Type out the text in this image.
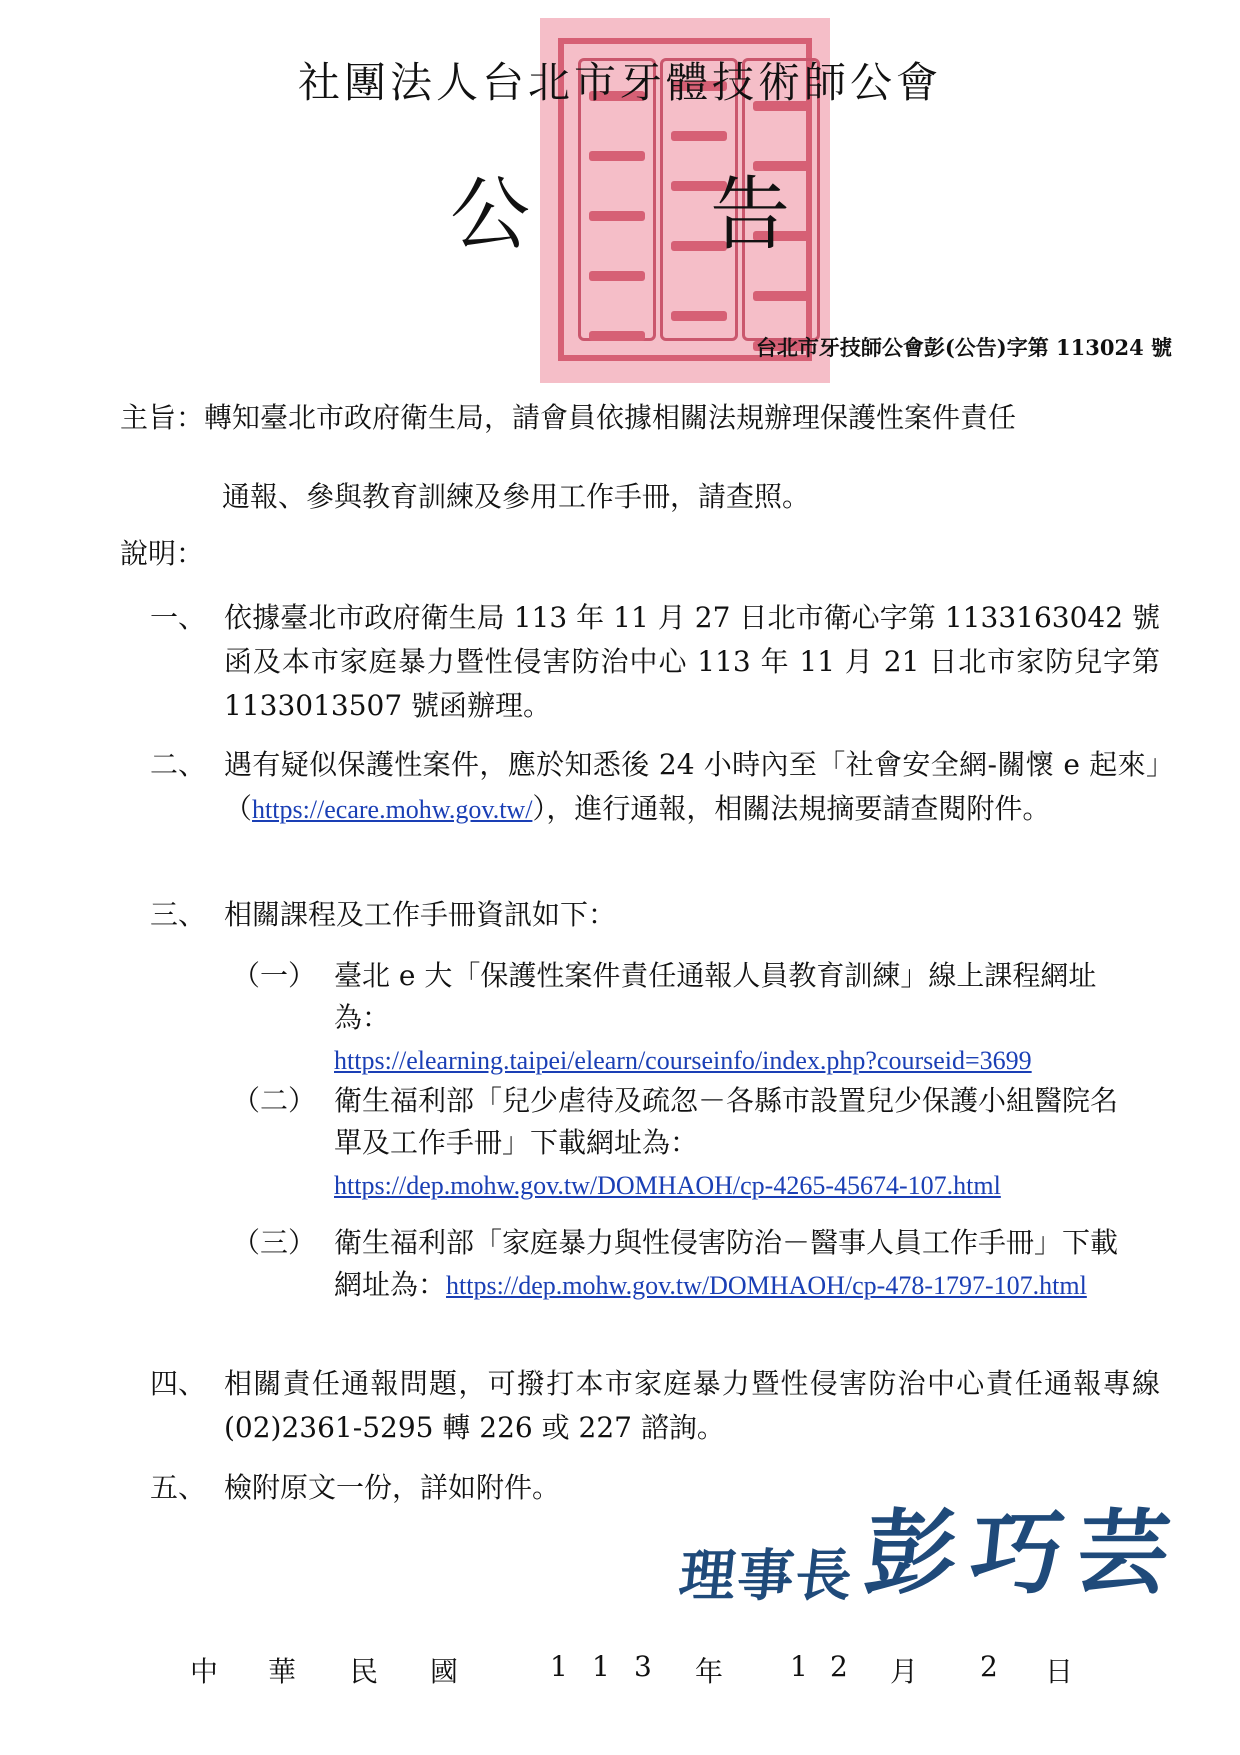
社團法人台北市牙體技術師公會
公 告
台北市牙技師公會彭(公告)字第 113024 號
主旨：轉知臺北市政府衛生局，請會員依據相關法規辦理保護性案件責任
通報、參與教育訓練及參用工作手冊，請查照。
說明：
一、 依據臺北市政府衛生局 113 年 11 月 27 日北市衛心字第 1133163042 號函及本市家庭暴力暨性侵害防治中心 113 年 11 月 21 日北市家防兒字第 1133013507 號函辦理。
二、 遇有疑似保護性案件，應於知悉後 24 小時內至「社會安全網-關懷 e 起來」（https://ecare.mohw.gov.tw/），進行通報，相關法規摘要請查閱附件。
三、 相關課程及工作手冊資訊如下：
（一） 臺北 e 大「保護性案件責任通報人員教育訓練」線上課程網址為：
https://elearning.taipei/elearn/courseinfo/index.php?courseid=3699
（二） 衛生福利部「兒少虐待及疏忽－各縣市設置兒少保護小組醫院名單及工作手冊」下載網址為：
https://dep.mohw.gov.tw/DOMHAOH/cp-4265-45674-107.html
（三） 衛生福利部「家庭暴力與性侵害防治－醫事人員工作手冊」下載網址為：https://dep.mohw.gov.tw/DOMHAOH/cp-478-1797-107.html
四、 相關責任通報問題，可撥打本市家庭暴力暨性侵害防治中心責任通報專線(02)2361-5295 轉 226 或 227 諮詢。
五、 檢附原文一份，詳如附件。
理事長彭巧芸
中 華 民 國	1 1 3 年 1 2 月 2 日
